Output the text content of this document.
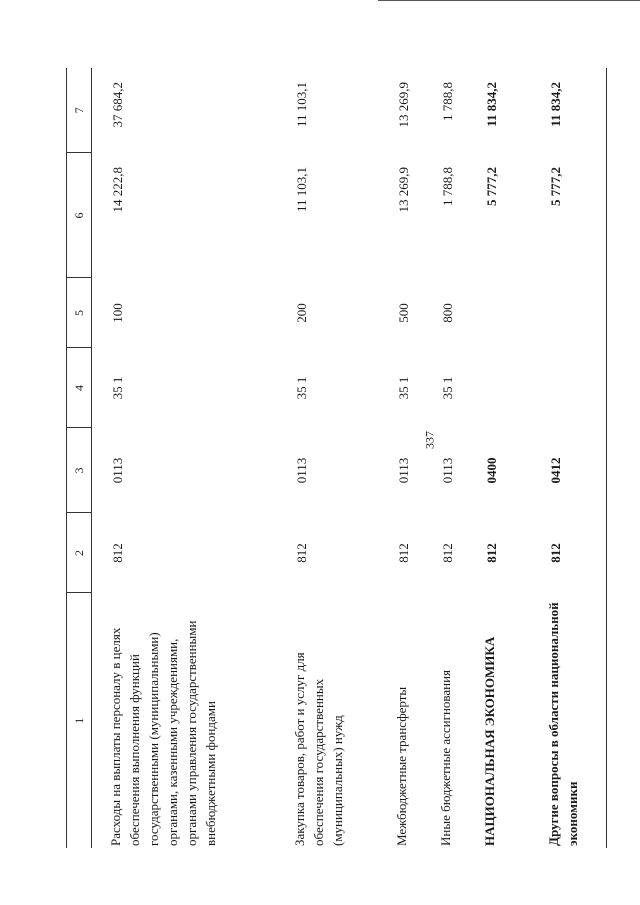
337
1	2	3	4	5	6	7
Расходы на выплаты персоналу в целях обеспечения выполнения функций государственными (муниципальными) органами, казенными учреждениями, органами управления государственными внебюджетными фондами	812	0113	35 1	100	14 222,8	37 684,2
Закупка товаров, работ и услуг для обеспечения государственных (муниципальных) нужд	812	0113	35 1	200	11 103,1	11 103,1
Межбюджетные трансферты	812	0113	35 1	500	13 269,9	13 269,9
Иные бюджетные ассигнования	812	0113	35 1	800	1 788,8	1 788,8
НАЦИОНАЛЬНАЯ ЭКОНОМИКА	812	0400			5 777,2	11 834,2
Другие вопросы в области национальной экономики	812	0412			5 777,2	11 834,2
